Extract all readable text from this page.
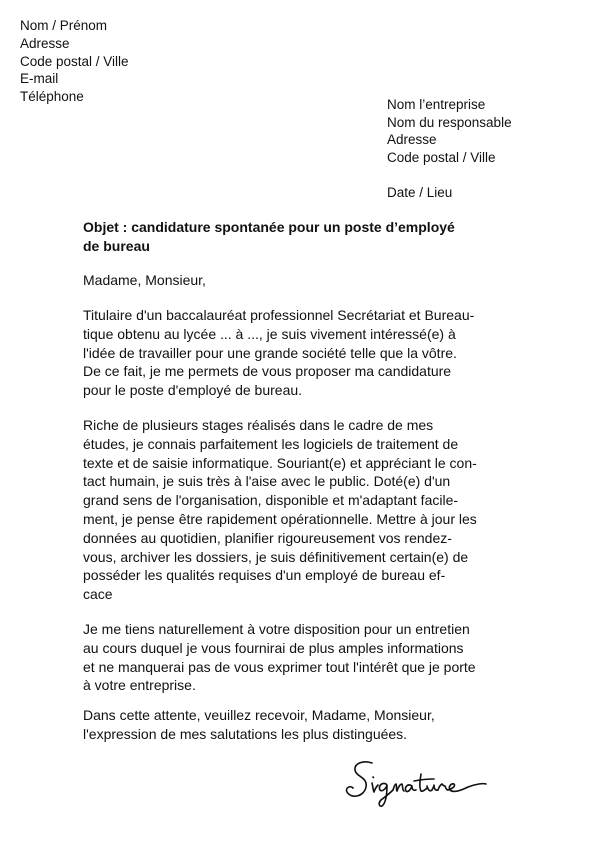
Nom / Prénom
Adresse
Code postal / Ville
E-mail
Téléphone
Nom l’entreprise
Nom du responsable
Adresse
Code postal / Ville
Date / Lieu
Objet : candidature spontanée pour un poste d’employé
de bureau
Madame, Monsieur,
Titulaire d'un baccalauréat professionnel Secrétariat et Bureau-
tique obtenu au lycée ... à ..., je suis vivement intéressé(e) à
l'idée de travailler pour une grande société telle que la vôtre.
De ce fait, je me permets de vous proposer ma candidature
pour le poste d'employé de bureau.
Riche de plusieurs stages réalisés dans le cadre de mes
études, je connais parfaitement les logiciels de traitement de
texte et de saisie informatique. Souriant(e) et appréciant le con-
tact humain, je suis très à l'aise avec le public. Doté(e) d'un
grand sens de l'organisation, disponible et m'adaptant facile-
ment, je pense être rapidement opérationnelle. Mettre à jour les
données au quotidien, planifier rigoureusement vos rendez-
vous, archiver les dossiers, je suis définitivement certain(e) de
posséder les qualités requises d'un employé de bureau ef-
cace
Je me tiens naturellement à votre disposition pour un entretien
au cours duquel je vous fournirai de plus amples informations
et ne manquerai pas de vous exprimer tout l'intérêt que je porte
à votre entreprise.
Dans cette attente, veuillez recevoir, Madame, Monsieur,
l'expression de mes salutations les plus distinguées.
